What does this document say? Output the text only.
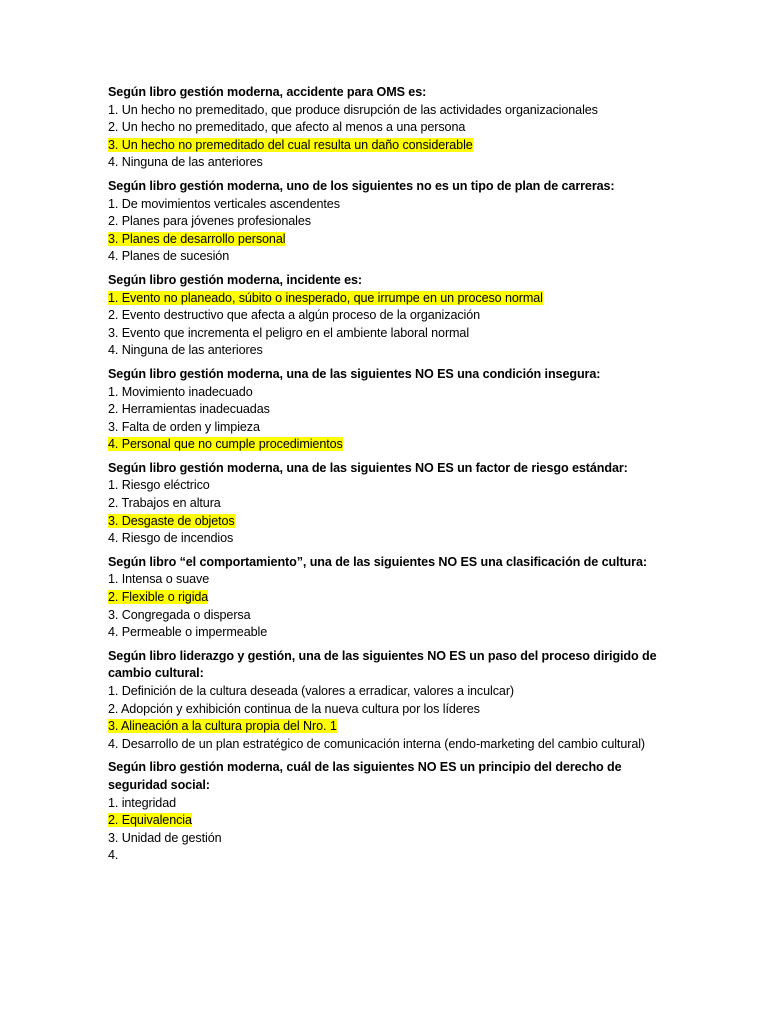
Según libro gestión moderna, accidente para OMS es:
1. Un hecho no premeditado, que produce disrupción de las actividades organizacionales
2. Un hecho no premeditado, que afecto al menos a una persona
3. Un hecho no premeditado del cual resulta un daño considerable
4. Ninguna de las anteriores
Según libro gestión moderna, uno de los siguientes no es un tipo de plan de carreras:
1. De movimientos verticales ascendentes
2. Planes para jóvenes profesionales
3. Planes de desarrollo personal
4. Planes de sucesión
Según libro gestión moderna, incidente es:
1. Evento no planeado, súbito o inesperado, que irrumpe en un proceso normal
2. Evento destructivo que afecta a algún proceso de la organización
3. Evento que incrementa el peligro en el ambiente laboral normal
4. Ninguna de las anteriores
Según libro gestión moderna, una de las siguientes NO ES una condición insegura:
1. Movimiento inadecuado
2. Herramientas inadecuadas
3. Falta de orden y limpieza
4. Personal que no cumple procedimientos
Según libro gestión moderna, una de las siguientes NO ES un factor de riesgo estándar:
1. Riesgo eléctrico
2. Trabajos en altura
3. Desgaste de objetos
4. Riesgo de incendios
Según libro “el comportamiento”, una de las siguientes NO ES una clasificación de cultura:
1. Intensa o suave
2. Flexible o rigida
3. Congregada o dispersa
4. Permeable o impermeable
Según libro liderazgo y gestión, una de las siguientes NO ES un paso del proceso dirigido de cambio cultural:
1. Definición de la cultura deseada (valores a erradicar, valores a inculcar)
2. Adopción y exhibición continua de la nueva cultura por los líderes
3. Alineación a la cultura propia del Nro. 1
4. Desarrollo de un plan estratégico de comunicación interna (endo-marketing del cambio cultural)
Según libro gestión moderna, cuál de las siguientes NO ES un principio del derecho de seguridad social:
1. integridad
2. Equivalencia
3. Unidad de gestión
4.
